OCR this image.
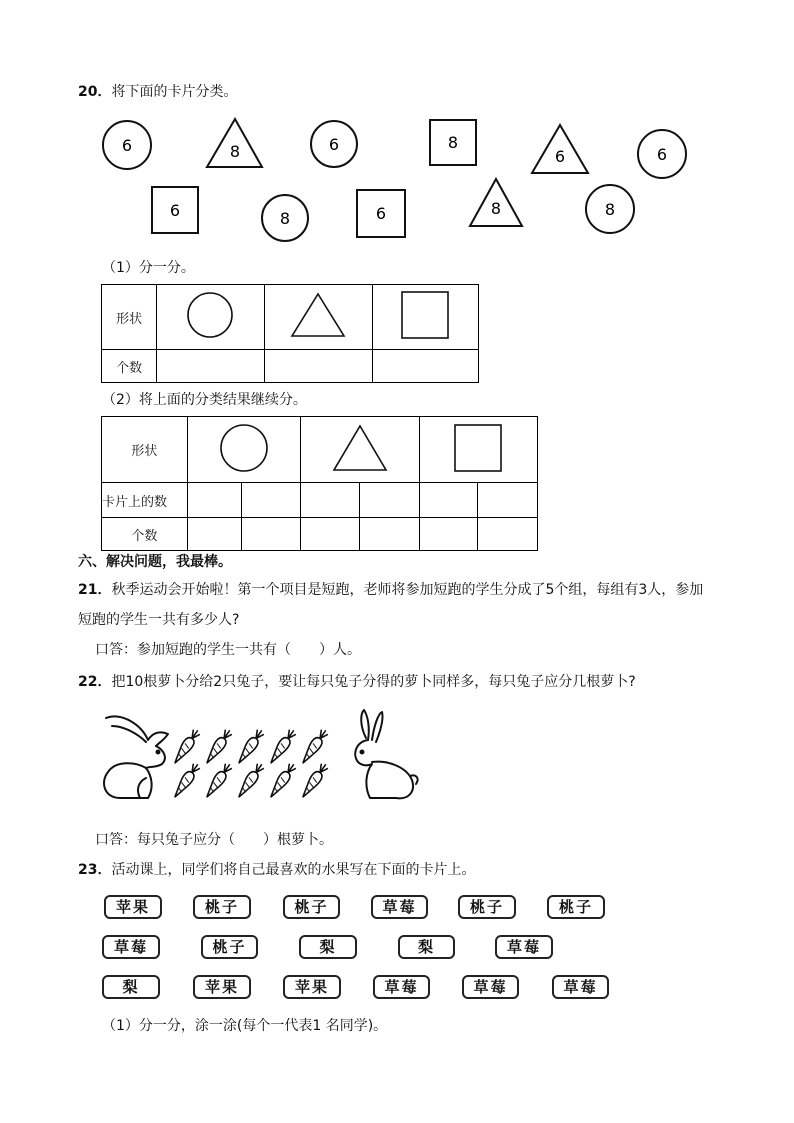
20．将下面的卡片分类。
6	8	6	8
6	6
6	8	6	8	8
（1）分一分。
形状			
个数			
（2）将上面的分类结果继续分。
形状			
卡片上的数						
个数						
六、解决问题，我最棒。
21．秋季运动会开始啦！第一个项目是短跑，老师将参加短跑的学生分成了5个组，每组有3人，参加
短跑的学生一共有多少人?
口答：参加短跑的学生一共有（　　）人。
22．把10根萝卜分给2只兔子，要让每只兔子分得的萝卜同样多，每只兔子应分几根萝卜?
口答：每只兔子应分（　　）根萝卜。
23．活动课上，同学们将自己最喜欢的水果写在下面的卡片上。
苹果	桃子	桃子	草莓	桃子	桃子
草莓	桃子	梨	梨	草莓
梨	苹果	苹果	草莓	草莓	草莓
（1）分一分，涂一涂(每个一代表1 名同学)。
